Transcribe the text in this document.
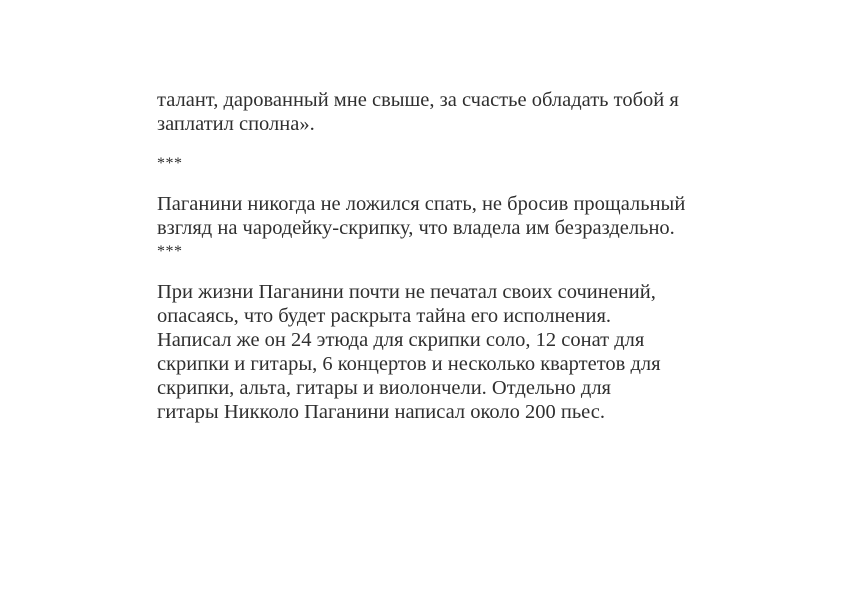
талант, дарованный мне свыше, за счастье обладать тобой я
заплатил сполна».

***

Паганини никогда не ложился спать, не бросив прощальный
взгляд на чародейку-скрипку, что владела им безраздельно.

***

При жизни Паганини почти не печатал своих сочинений,
опасаясь, что будет раскрыта тайна его исполнения.
Написал же он 24 этюда для скрипки соло, 12 сонат для
скрипки и гитары, 6 концертов и несколько квартетов для
скрипки, альта, гитары и виолончели. Отдельно для
гитары Никколо Паганини написал около 200 пьес.
